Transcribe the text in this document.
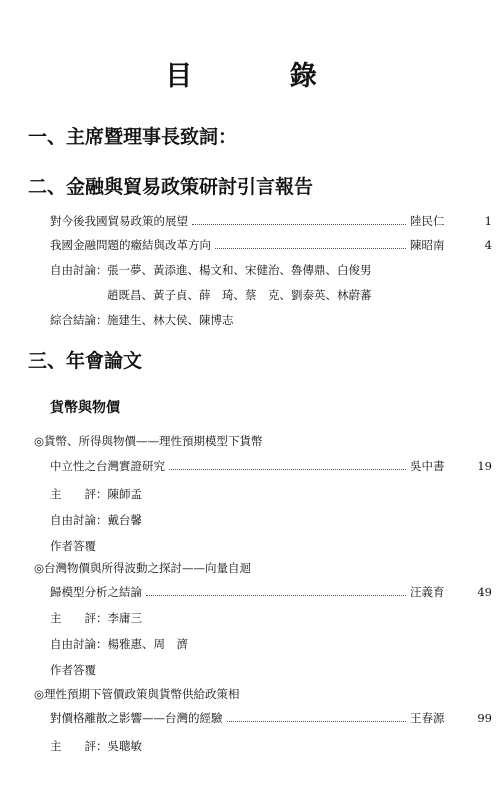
目 錄
一、主席暨理事長致詞：
二、金融與貿易政策研討引言報告
對今後我國貿易政策的展望	陸民仁	1
我國金融問題的癥結與改革方向	陳昭南	4
自由討論： 張一夢、黃添進、楊文和、宋健治、魯傳鼎、白俊男
趙既昌、黃子貞、薛　琦、蔡　克、劉泰英、林蔚蕃
綜合結論： 施建生、林大侯、陳博志
三、年會論文
貨幣與物價
◎貨幣、所得與物價——理性預期模型下貨幣
中立性之台灣實證研究	吳中書	19
主　　評：陳師孟
自由討論：戴台馨
作者答覆
◎台灣物價與所得波動之探討——向量自迴
歸模型分析之結論	汪義育	49
主　　評：李庸三
自由討論：楊雅惠、周　濟
作者答覆
◎理性預期下管價政策與貨幣供給政策相
對價格離散之影響——台灣的經驗	王春源	99
主　　評：吳聰敏
